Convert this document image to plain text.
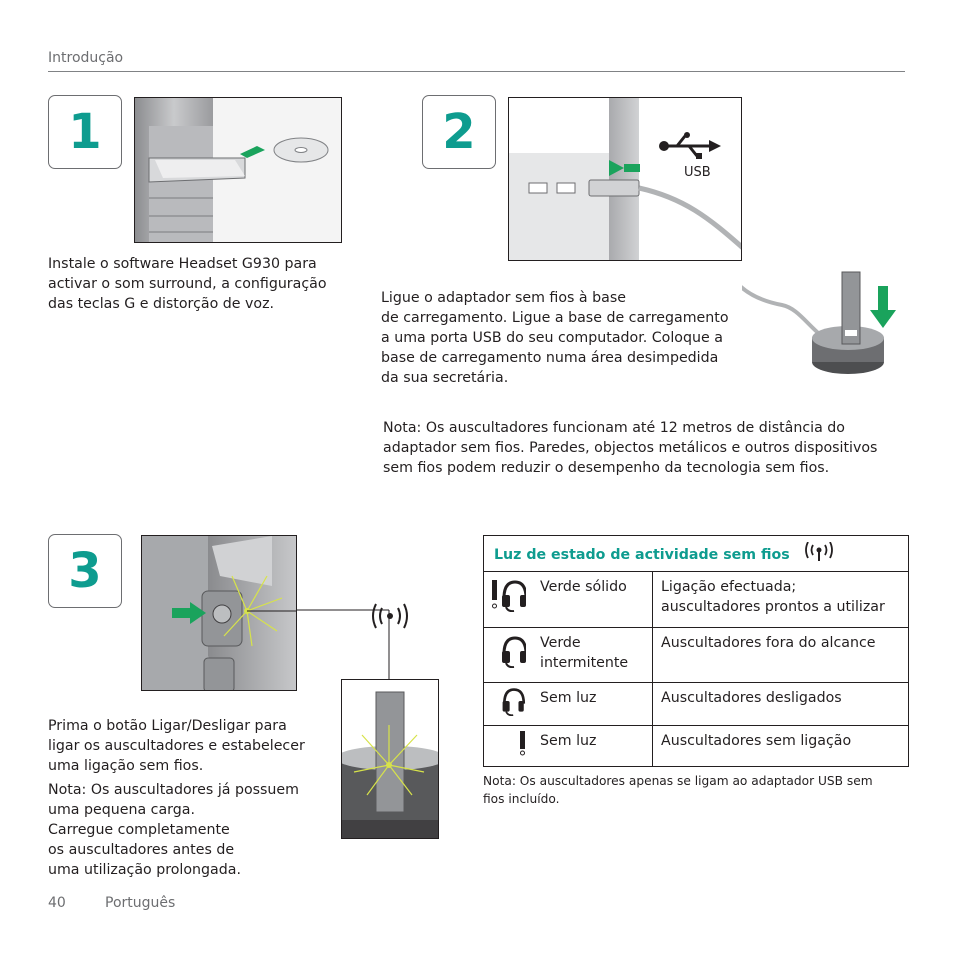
Introdução
1
Instale o software Headset G930 para
activar o som surround, a configuração
das teclas G e distorção de voz.
2
USB
Ligue o adaptador sem fios à base
de carregamento. Ligue a base de carregamento
a uma porta USB do seu computador. Coloque a
base de carregamento numa área desimpedida
da sua secretária.
Nota: Os auscultadores funcionam até 12 metros de distância do
adaptador sem fios. Paredes, objectos metálicos e outros dispositivos
sem fios podem reduzir o desempenho da tecnologia sem fios.
3
Prima o botão Ligar/Desligar para
ligar os auscultadores e estabelecer
uma ligação sem fios.
Nota: Os auscultadores já possuem
uma pequena carga.
Carregue completamente
os auscultadores antes de
uma utilização prolongada.
Luz de estado de actividade sem fios		
	Verde sólido	Ligação efectuada;
auscultadores prontos a utilizar

Verde
intermitente	Auscultadores fora do alcance
	Sem luz	Auscultadores desligados
	Sem luz	Auscultadores sem ligação
Nota: Os auscultadores apenas se ligam ao adaptador USB sem
fios incluído.
40	Português
